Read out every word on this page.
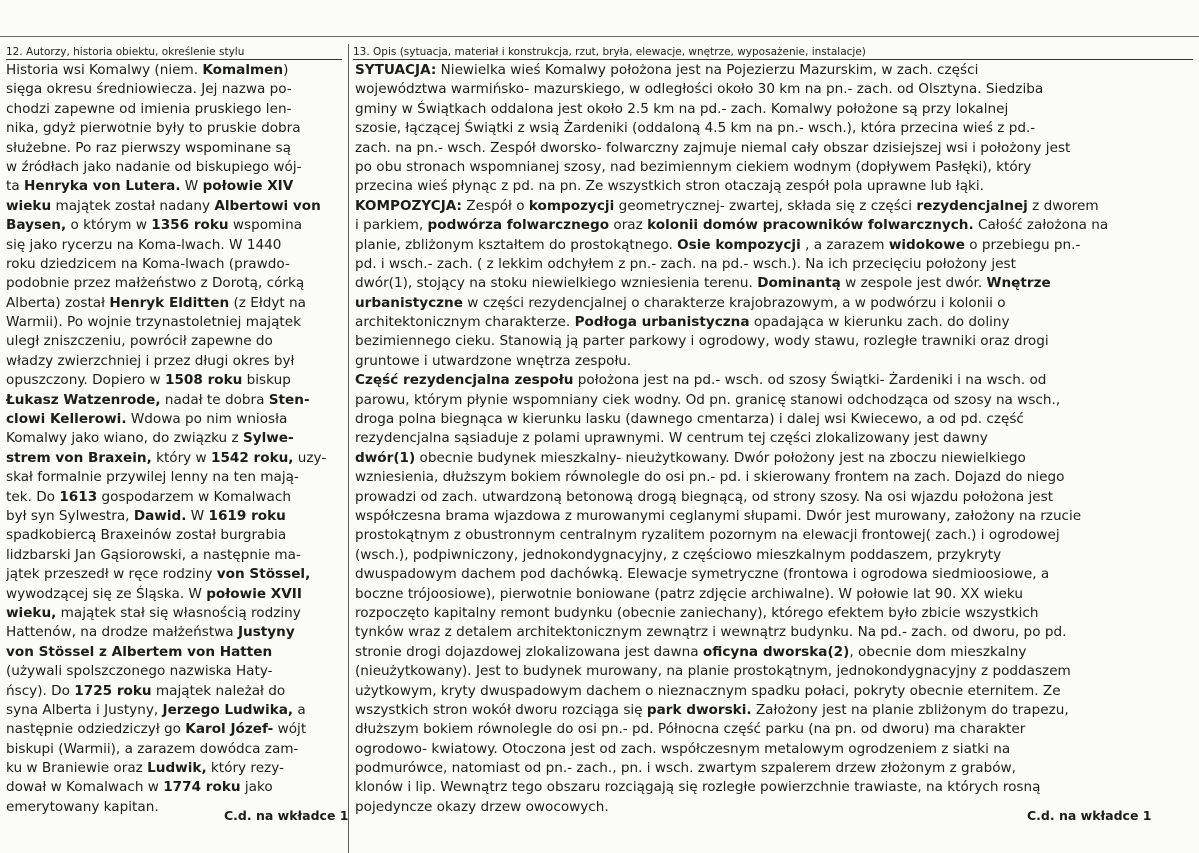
12. Autorzy, historia obiektu, określenie stylu	13. Opis (sytuacja, materiał i konstrukcja, rzut, bryła, elewacje, wnętrze, wyposażenie, instalacje)
Historia wsi Komalwy (niem. Komalmen)
sięga okresu średniowiecza. Jej nazwa po-
chodzi zapewne od imienia pruskiego len-
nika, gdyż pierwotnie były to pruskie dobra
służebne. Po raz pierwszy wspominane są
w źródłach jako nadanie od biskupiego wój-
ta Henryka von Lutera. W połowie XIV
wieku majątek został nadany Albertowi von
Baysen, o którym w 1356 roku wspomina
się jako rycerzu na Koma-lwach. W 1440
roku dziedzicem na Koma-lwach (prawdo-
podobnie przez małżeństwo z Dorotą, córką
Alberta) został Henryk Elditten (z Ełdyt na
Warmii). Po wojnie trzynastoletniej majątek
uległ zniszczeniu, powrócił zapewne do
władzy zwierzchniej i przez długi okres był
opuszczony. Dopiero w 1508 roku biskup
Łukasz Watzenrode, nadał te dobra Sten-
clowi Kellerowi. Wdowa po nim wniosła
Komalwy jako wiano, do związku z Sylwe-
strem von Braxein, który w 1542 roku, uzy-
skał formalnie przywilej lenny na ten mają-
tek. Do 1613 gospodarzem w Komalwach
był syn Sylwestra, Dawid. W 1619 roku
spadkobiercą Braxeinów został burgrabia
lidzbarski Jan Gąsiorowski, a następnie ma-
jątek przeszedł w ręce rodziny von Stössel,
wywodzącej się ze Śląska. W połowie XVII
wieku, majątek stał się własnością rodziny
Hattenów, na drodze małżeństwa Justyny
von Stössel z Albertem von Hatten
(używali spolszczonego nazwiska Haty-
ńscy). Do 1725 roku majątek należał do
syna Alberta i Justyny, Jerzego Ludwika, a
następnie odziedziczył go Karol Józef- wójt
biskupi (Warmii), a zarazem dowódca zam-
ku w Braniewie oraz Ludwik, który rezy-
dował w Komalwach w 1774 roku jako
emerytowany kapitan.
SYTUACJA: Niewielka wieś Komalwy położona jest na Pojezierzu Mazurskim, w zach. części
województwa warmińsko- mazurskiego, w odległości około 30 km na pn.- zach. od Olsztyna. Siedziba
gminy w Świątkach oddalona jest około 2.5 km na pd.- zach. Komalwy położone są przy lokalnej
szosie, łączącej Świątki z wsią Żardeniki (oddaloną 4.5 km na pn.- wsch.), która przecina wieś z pd.-
zach. na pn.- wsch. Zespół dworsko- folwarczny zajmuje niemal cały obszar dzisiejszej wsi i położony jest
po obu stronach wspomnianej szosy, nad bezimiennym ciekiem wodnym (dopływem Pasłęki), który
przecina wieś płynąc z pd. na pn. Ze wszystkich stron otaczają zespół pola uprawne lub łąki.
KOMPOZYCJA: Zespół o kompozycji geometrycznej- zwartej, składa się z części rezydencjalnej z dworem
i parkiem, podwórza folwarcznego oraz kolonii domów pracowników folwarcznych. Całość założona na
planie, zbliżonym kształtem do prostokątnego. Osie kompozycji , a zarazem widokowe o przebiegu pn.-
pd. i wsch.- zach. ( z lekkim odchyłem z pn.- zach. na pd.- wsch.). Na ich przecięciu położony jest
dwór(1), stojący na stoku niewielkiego wzniesienia terenu. Dominantą w zespole jest dwór. Wnętrze
urbanistyczne w części rezydencjalnej o charakterze krajobrazowym, a w podwórzu i kolonii o
architektonicznym charakterze. Podłoga urbanistyczna opadająca w kierunku zach. do doliny
bezimiennego cieku. Stanowią ją parter parkowy i ogrodowy, wody stawu, rozległe trawniki oraz drogi
gruntowe i utwardzone wnętrza zespołu.
Część rezydencjalna zespołu położona jest na pd.- wsch. od szosy Świątki- Żardeniki i na wsch. od
parowu, którym płynie wspomniany ciek wodny. Od pn. granicę stanowi odchodząca od szosy na wsch.,
droga polna biegnąca w kierunku lasku (dawnego cmentarza) i dalej wsi Kwiecewo, a od pd. część
rezydencjalna sąsiaduje z polami uprawnymi. W centrum tej części zlokalizowany jest dawny
dwór(1) obecnie budynek mieszkalny- nieużytkowany. Dwór położony jest na zboczu niewielkiego
wzniesienia, dłuższym bokiem równolegle do osi pn.- pd. i skierowany frontem na zach. Dojazd do niego
prowadzi od zach. utwardzoną betonową drogą biegnącą, od strony szosy. Na osi wjazdu położona jest
współczesna brama wjazdowa z murowanymi ceglanymi słupami. Dwór jest murowany, założony na rzucie
prostokątnym z obustronnym centralnym ryzalitem pozornym na elewacji frontowej( zach.) i ogrodowej
(wsch.), podpiwniczony, jednokondygnacyjny, z częściowo mieszkalnym poddaszem, przykryty
dwuspadowym dachem pod dachówką. Elewacje symetryczne (frontowa i ogrodowa siedmioosiowe, a
boczne trójoosiowe), pierwotnie boniowane (patrz zdjęcie archiwalne). W połowie lat 90. XX wieku
rozpoczęto kapitalny remont budynku (obecnie zaniechany), którego efektem było zbicie wszystkich
tynków wraz z detalem architektonicznym zewnątrz i wewnątrz budynku. Na pd.- zach. od dworu, po pd.
stronie drogi dojazdowej zlokalizowana jest dawna oficyna dworska(2), obecnie dom mieszkalny
(nieużytkowany). Jest to budynek murowany, na planie prostokątnym, jednokondygnacyjny z poddaszem
użytkowym, kryty dwuspadowym dachem o nieznacznym spadku połaci, pokryty obecnie eternitem. Ze
wszystkich stron wokół dworu rozciąga się park dworski. Założony jest na planie zbliżonym do trapezu,
dłuższym bokiem równolegle do osi pn.- pd. Północna część parku (na pn. od dworu) ma charakter
ogrodowo- kwiatowy. Otoczona jest od zach. współczesnym metalowym ogrodzeniem z siatki na
podmurówce, natomiast od pn.- zach., pn. i wsch. zwartym szpalerem drzew złożonym z grabów,
klonów i lip. Wewnątrz tego obszaru rozciągają się rozległe powierzchnie trawiaste, na których rosną
pojedyncze okazy drzew owocowych.
C.d. na wkładce 1	C.d. na wkładce 1
